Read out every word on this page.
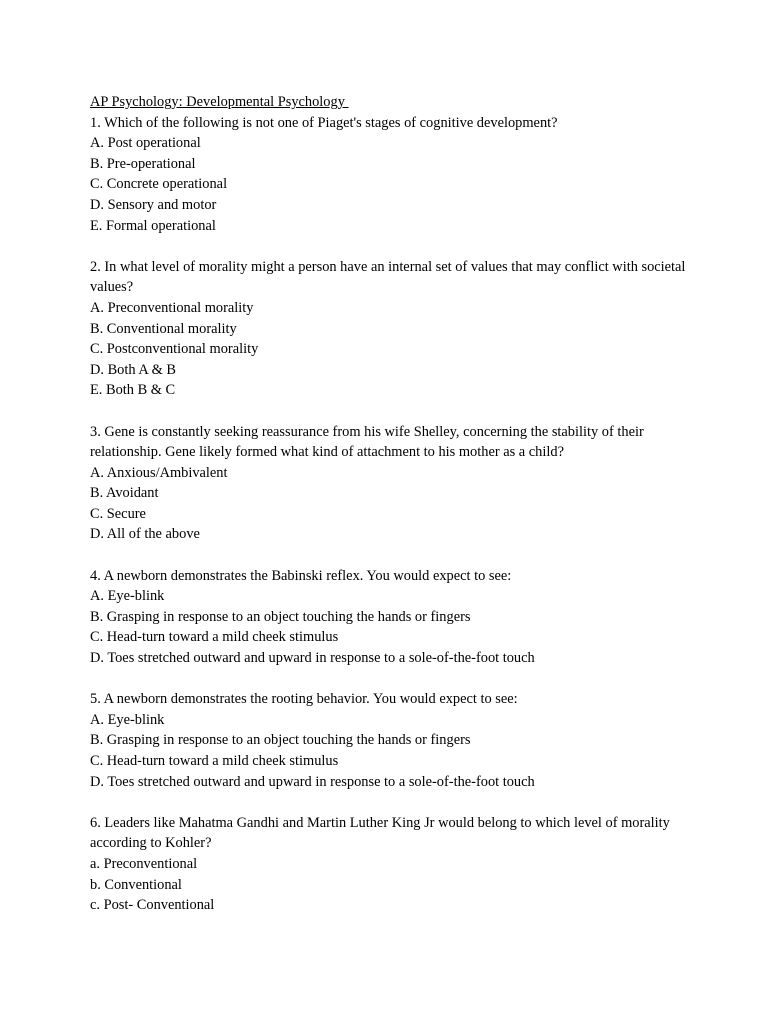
AP Psychology: Developmental Psychology
1. Which of the following is not one of Piaget's stages of cognitive development?
A. Post operational
B. Pre-operational
C. Concrete operational
D. Sensory and motor
E. Formal operational
2. In what level of morality might a person have an internal set of values that may conflict with societal values?
A. Preconventional morality
B. Conventional morality
C. Postconventional morality
D. Both A & B
E. Both B & C
3. Gene is constantly seeking reassurance from his wife Shelley, concerning the stability of their relationship. Gene likely formed what kind of attachment to his mother as a child?
A. Anxious/Ambivalent
B. Avoidant
C. Secure
D. All of the above
4. A newborn demonstrates the Babinski reflex. You would expect to see:
A. Eye-blink
B. Grasping in response to an object touching the hands or fingers
C. Head-turn toward a mild cheek stimulus
D. Toes stretched outward and upward in response to a sole-of-the-foot touch
5. A newborn demonstrates the rooting behavior. You would expect to see:
A. Eye-blink
B. Grasping in response to an object touching the hands or fingers
C. Head-turn toward a mild cheek stimulus
D. Toes stretched outward and upward in response to a sole-of-the-foot touch
6. Leaders like Mahatma Gandhi and Martin Luther King Jr would belong to which level of morality according to Kohler?
a. Preconventional
b. Conventional
c. Post- Conventional
